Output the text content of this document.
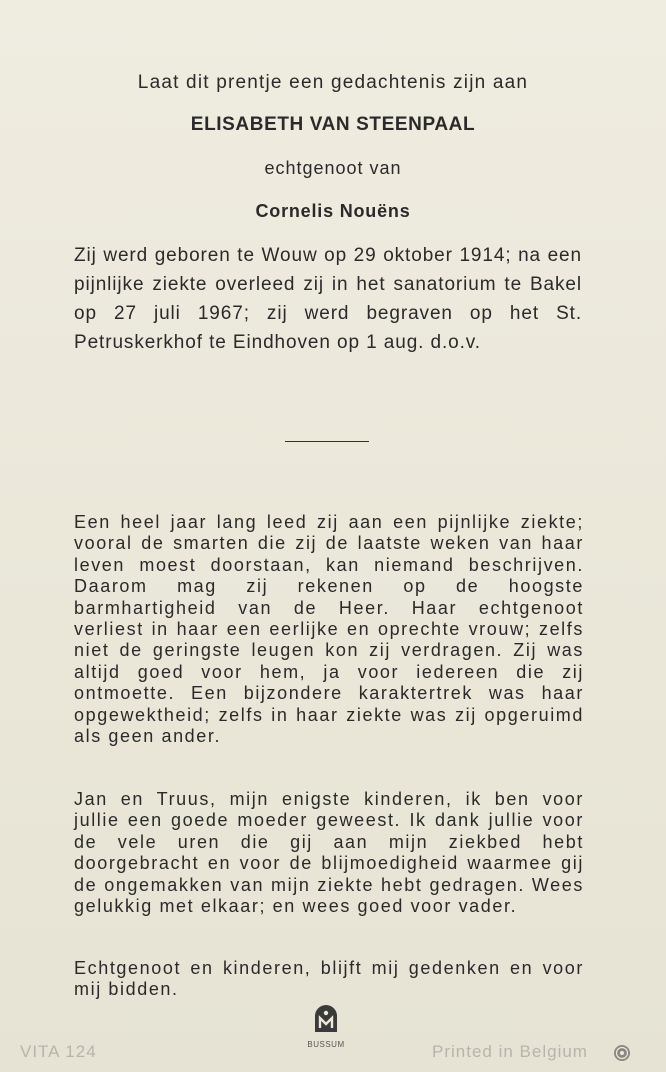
Laat dit prentje een gedachtenis zijn aan
ELISABETH VAN STEENPAAL
echtgenoot van
Cornelis Nouëns

Zij werd geboren te Wouw op 29 oktober 1914; na een pijnlijke ziekte overleed zij in het sanatorium te Bakel op 27 juli 1967; zij werd begraven op het St. Petruskerkhof te Eindhoven op 1 aug. d.o.v.

Een heel jaar lang leed zij aan een pijnlijke ziekte; vooral de smarten die zij de laatste weken van haar leven moest doorstaan, kan niemand beschrijven. Daarom mag zij rekenen op de hoogste barmhartigheid van de Heer. Haar echtgenoot verliest in haar een eerlijke en oprechte vrouw; zelfs niet de geringste leugen kon zij verdragen. Zij was altijd goed voor hem, ja voor iedereen die zij ontmoette. Een bijzondere karaktertrek was haar opgewektheid; zelfs in haar ziekte was zij opgeruimd als geen ander.

Jan en Truus, mijn enigste kinderen, ik ben voor jullie een goede moeder geweest. Ik dank jullie voor de vele uren die gij aan mijn ziekbed hebt doorgebracht en voor de blijmoedigheid waarmee gij de ongemakken van mijn ziekte hebt gedragen. Wees gelukkig met elkaar; en wees goed voor vader.

Echtgenoot en kinderen, blijft mij gedenken en voor mij bidden.

VITA 124	BUSSUM	Printed in Belgium
